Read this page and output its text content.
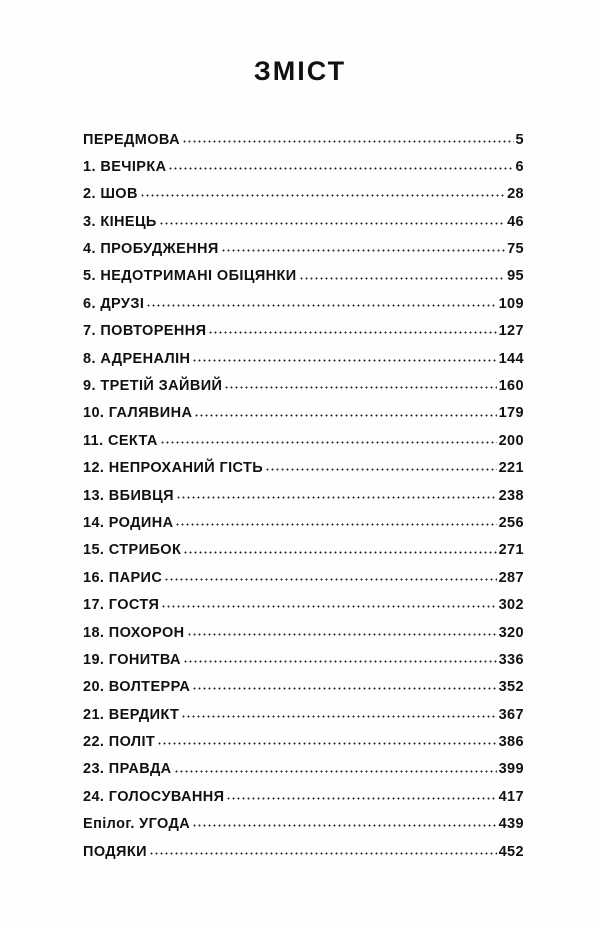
ЗМІСТ
ПЕРЕДМОВА	5
1. ВЕЧІРКА	6
2. ШОВ	28
3. КІНЕЦЬ	46
4. ПРОБУДЖЕННЯ	75
5. НЕДОТРИМАНІ ОБІЦЯНКИ	95
6. ДРУЗІ	109
7. ПОВТОРЕННЯ	127
8. АДРЕНАЛІН	144
9. ТРЕТІЙ ЗАЙВИЙ	160
10. ГАЛЯВИНА	179
11. СЕКТА	200
12. НЕПРОХАНИЙ ГІСТЬ	221
13. ВБИВЦЯ	238
14. РОДИНА	256
15. СТРИБОК	271
16. ПАРИС	287
17. ГОСТЯ	302
18. ПОХОРОН	320
19. ГОНИТВА	336
20. ВОЛТЕРРА	352
21. ВЕРДИКТ	367
22. ПОЛІТ	386
23. ПРАВДА	399
24. ГОЛОСУВАННЯ	417
Епілог. УГОДА	439
ПОДЯКИ	452
